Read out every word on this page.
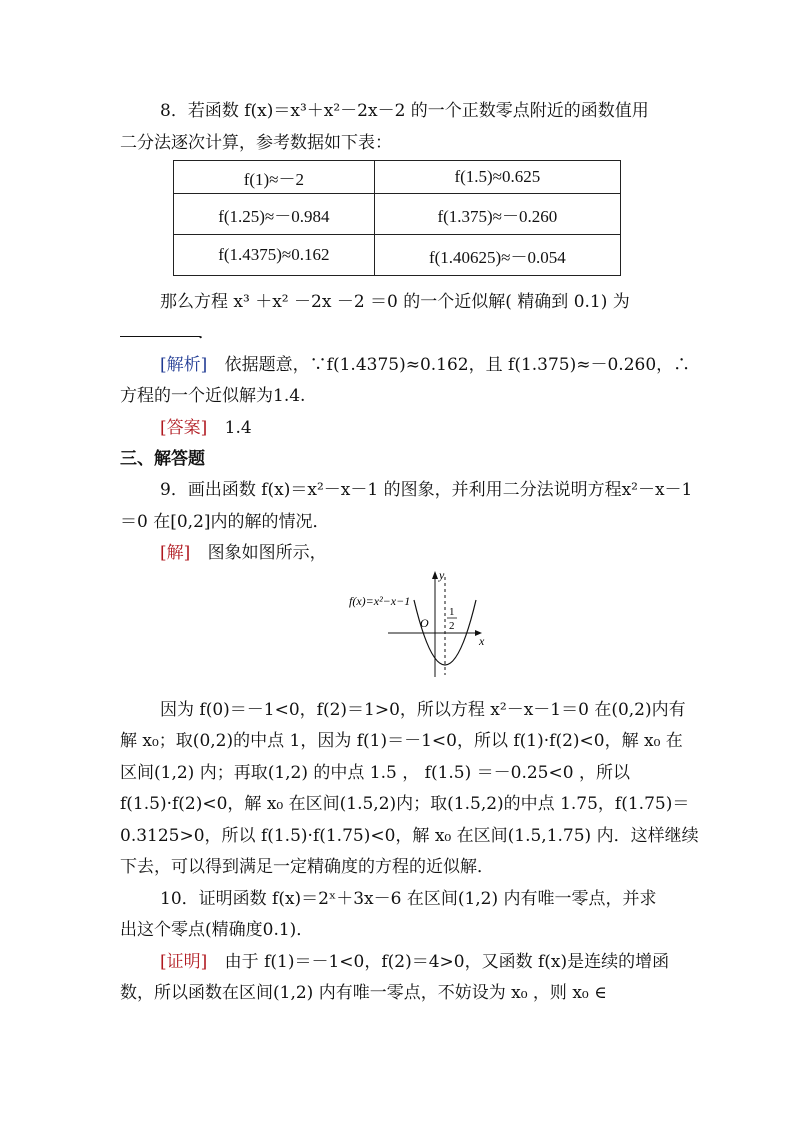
8．若函数 f(x)＝x³＋x²－2x－2 的一个正数零点附近的函数值用
二分法逐次计算，参考数据如下表：
f(1)≈－2	f(1.5)≈0.625
f(1.25)≈－0.984	f(1.375)≈－0.260
f(1.4375)≈0.162	f(1.40625)≈－0.054
那么方程 x³ ＋x² －2x －2 ＝0 的一个近似解( 精确到 0.1) 为
．
[解析] 依据题意，∵f(1.4375)≈0.162，且 f(1.375)≈－0.260，∴
方程的一个近似解为1.4.
[答案] 1.4
三、解答题
9．画出函数 f(x)＝x²－x－1 的图象，并利用二分法说明方程x²－x－1
＝0 在[0,2]内的解的情况．
[解] 图象如图所示，
f(x)=x²−x−1
y
x
O
1
2
因为 f(0)＝－1<0，f(2)＝1>0，所以方程 x²－x－1＝0 在(0,2)内有
解 x₀；取(0,2)的中点 1，因为 f(1)＝－1<0，所以 f(1)·f(2)<0，解 x₀ 在
区间(1,2) 内；再取(1,2) 的中点 1.5 ， f(1.5) ＝－0.25<0 ，所以
f(1.5)·f(2)<0，解 x₀ 在区间(1.5,2)内；取(1.5,2)的中点 1.75，f(1.75)＝
0.3125>0，所以 f(1.5)·f(1.75)<0，解 x₀ 在区间(1.5,1.75) 内．这样继续
下去，可以得到满足一定精确度的方程的近似解．
10．证明函数 f(x)＝2ˣ＋3x－6 在区间(1,2) 内有唯一零点，并求
出这个零点(精确度0.1)．
[证明] 由于 f(1)＝－1<0，f(2)＝4>0，又函数 f(x)是连续的增函
数，所以函数在区间(1,2) 内有唯一零点，不妨设为 x₀ ，则 x₀ ∈
